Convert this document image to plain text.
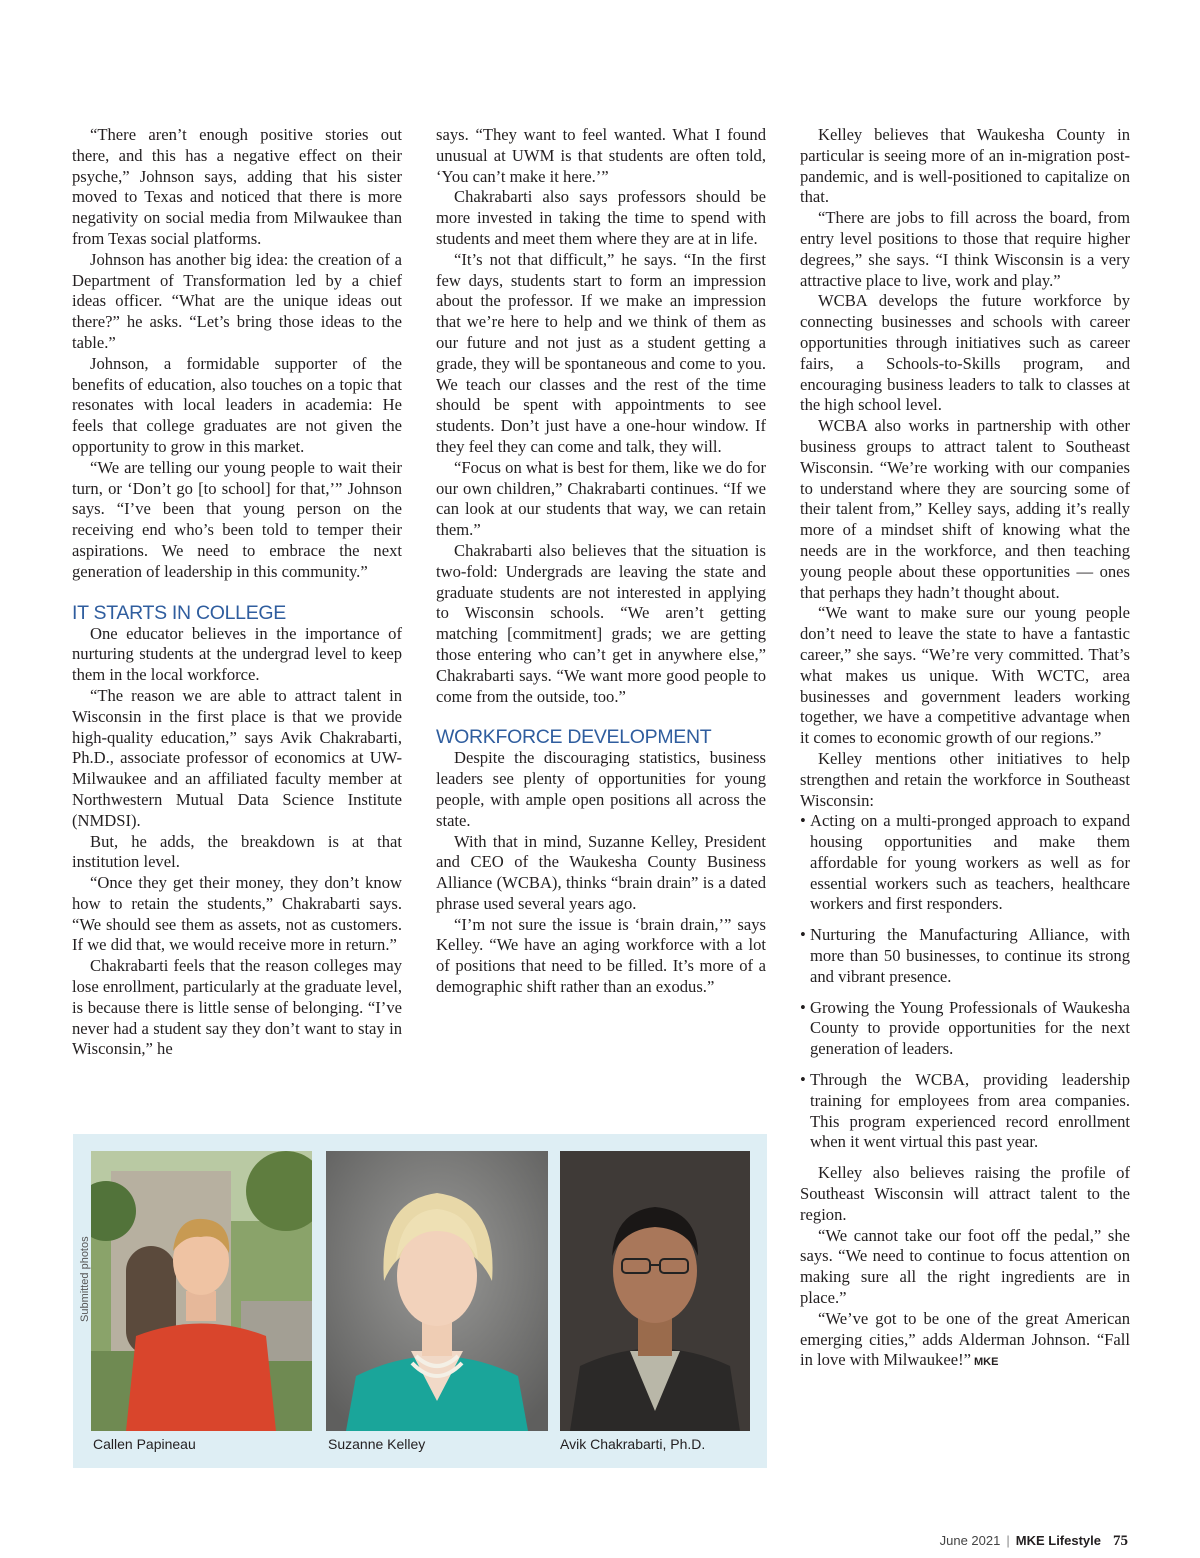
“There aren’t enough positive stories out there, and this has a negative effect on their psyche,” Johnson says, adding that his sister moved to Texas and noticed that there is more negativity on social media from Milwaukee than from Texas social platforms.

Johnson has another big idea: the creation of a Department of Transformation led by a chief ideas officer. “What are the unique ideas out there?” he asks. “Let’s bring those ideas to the table.”

Johnson, a formidable supporter of the benefits of education, also touches on a topic that resonates with local leaders in academia: He feels that college graduates are not given the opportunity to grow in this market.

“We are telling our young people to wait their turn, or ‘Don’t go [to school] for that,’” Johnson says. “I’ve been that young person on the receiving end who’s been told to temper their aspirations. We need to embrace the next generation of leadership in this community.”

IT STARTS IN COLLEGE

One educator believes in the importance of nurturing students at the undergrad level to keep them in the local workforce.

“The reason we are able to attract talent in Wisconsin in the first place is that we provide high-quality education,” says Avik Chakrabarti, Ph.D., associate professor of economics at UW-Milwaukee and an affiliated faculty member at Northwestern Mutual Data Science Institute (NMDSI).

But, he adds, the breakdown is at that institution level.

“Once they get their money, they don’t know how to retain the students,” Chakrabarti says. “We should see them as assets, not as customers. If we did that, we would receive more in return.”

Chakrabarti feels that the reason colleges may lose enrollment, particularly at the graduate level, is because there is little sense of belonging. “I’ve never had a student say they don’t want to stay in Wisconsin,” he

says. “They want to feel wanted. What I found unusual at UWM is that students are often told, ‘You can’t make it here.’”

Chakrabarti also says professors should be more invested in taking the time to spend with students and meet them where they are at in life.

“It’s not that difficult,” he says. “In the first few days, students start to form an impression about the professor. If we make an impression that we’re here to help and we think of them as our future and not just as a student getting a grade, they will be spontaneous and come to you. We teach our classes and the rest of the time should be spent with appointments to see students. Don’t just have a one-hour window. If they feel they can come and talk, they will.

“Focus on what is best for them, like we do for our own children,” Chakrabarti continues. “If we can look at our students that way, we can retain them.”

Chakrabarti also believes that the situation is two-fold: Undergrads are leaving the state and graduate students are not interested in applying to Wisconsin schools. “We aren’t getting matching [commitment] grads; we are getting those entering who can’t get in anywhere else,” Chakrabarti says. “We want more good people to come from the outside, too.”

WORKFORCE DEVELOPMENT

Despite the discouraging statistics, business leaders see plenty of opportunities for young people, with ample open positions all across the state.

With that in mind, Suzanne Kelley, President and CEO of the Waukesha County Business Alliance (WCBA), thinks “brain drain” is a dated phrase used several years ago.

“I’m not sure the issue is ‘brain drain,’” says Kelley. “We have an aging workforce with a lot of positions that need to be filled. It’s more of a demographic shift rather than an exodus.”

Kelley believes that Waukesha County in particular is seeing more of an in-migration post-pandemic, and is well-positioned to capitalize on that.

“There are jobs to fill across the board, from entry level positions to those that require higher degrees,” she says. “I think Wisconsin is a very attractive place to live, work and play.”

WCBA develops the future workforce by connecting businesses and schools with career opportunities through initiatives such as career fairs, a Schools-to-Skills program, and encouraging business leaders to talk to classes at the high school level.

WCBA also works in partnership with other business groups to attract talent to Southeast Wisconsin. “We’re working with our companies to understand where they are sourcing some of their talent from,” Kelley says, adding it’s really more of a mindset shift of knowing what the needs are in the workforce, and then teaching young people about these opportunities — ones that perhaps they hadn’t thought about.

“We want to make sure our young people don’t need to leave the state to have a fantastic career,” she says. “We’re very committed. That’s what makes us unique. With WCTC, area businesses and government leaders working together, we have a competitive advantage when it comes to economic growth of our regions.”

Kelley mentions other initiatives to help strengthen and retain the workforce in Southeast Wisconsin:

• Acting on a multi-pronged approach to expand housing opportunities and make them affordable for young workers as well as for essential workers such as teachers, healthcare workers and first responders.
• Nurturing the Manufacturing Alliance, with more than 50 businesses, to continue its strong and vibrant presence.
• Growing the Young Professionals of Waukesha County to provide opportunities for the next generation of leaders.
• Through the WCBA, providing leadership training for employees from area companies. This program experienced record enrollment when it went virtual this past year.

Kelley also believes raising the profile of Southeast Wisconsin will attract talent to the region.

“We cannot take our foot off the pedal,” she says. “We need to continue to focus attention on making sure all the right ingredients are in place.”

“We’ve got to be one of the great American emerging cities,” adds Alderman Johnson. “Fall in love with Milwaukee!” MKE

Submitted photos
Callen Papineau	Suzanne Kelley	Avik Chakrabarti, Ph.D.
June 2021 | MKE Lifestyle 75
